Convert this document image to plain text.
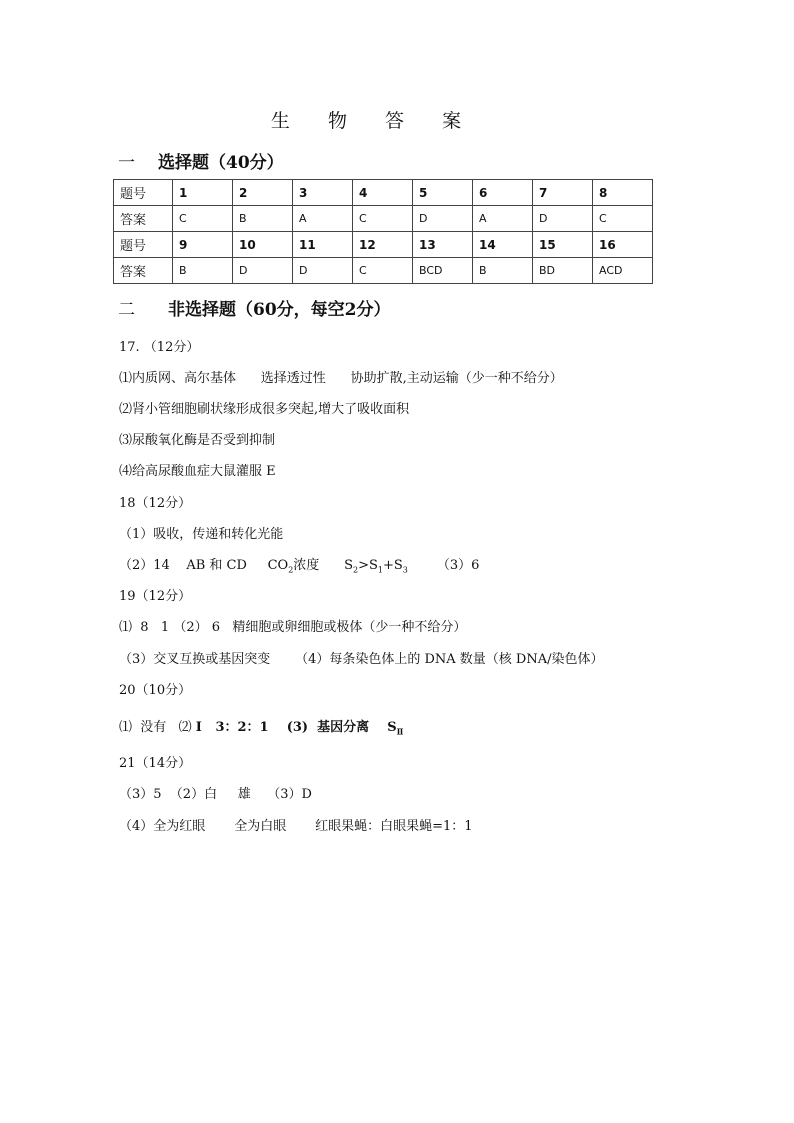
生 物 答 案
一 选择题（40分）
题号	1	2	3	4	5	6	7	8
答案	C	B	A	C	D	A	D	C
题号	9	10	11	12	13	14	15	16
答案	B	D	D	C	BCD	B	BD	ACD
二 非选择题（60分，每空2分）
17. （12分）
⑴内质网、高尔基体      选择透过性      协助扩散,主动运输（少一种不给分）
⑵肾小管细胞刷状缘形成很多突起,增大了吸收面积
⑶尿酸氧化酶是否受到抑制
⑷给高尿酸血症大鼠灌服 E
18（12分）
（1）吸收，传递和转化光能
（2）14    AB 和 CD     $CO_2$浓度      $S_2>S_1+S_3$       （3）6
19（12分）
⑴  8   1 （2） 6   精细胞或卵细胞或极体（少一种不给分）
（3）交叉互换或基因突变      （4）每条染色体上的 DNA 数量（核 DNA/染色体）
20（10分）
⑴  没有   ⑵ Ⅰ   3：2：1    (3)  基因分离    $S_Ⅱ$
21（14分）
（3）5  （2）白     雄    （3）D
（4）全为红眼       全为白眼       红眼果蝇：白眼果蝇=1：1
